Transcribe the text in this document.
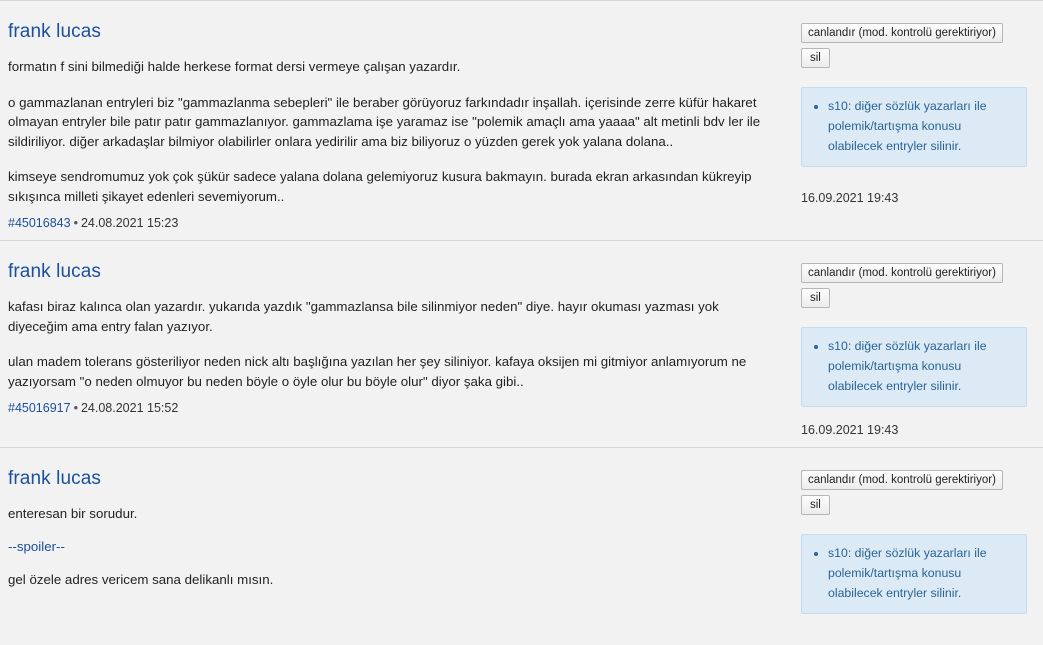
frank lucas

formatın f sini bilmediği halde herkese format dersi vermeye çalışan yazardır.

o gammazlanan entryleri biz "gammazlanma sebepleri" ile beraber görüyoruz farkındadır inşallah. içerisinde zerre küfür hakaret olmayan entryler bile patır patır gammazlanıyor. gammazlama işe yaramaz ise "polemik amaçlı ama yaaaa" alt metinli bdv ler ile sildiriliyor. diğer arkadaşlar bilmiyor olabilirler onlara yedirilir ama biz biliyoruz o yüzden gerek yok yalana dolana..

kimseye sendromumuz yok çok şükür sadece yalana dolana gelemiyoruz kusura bakmayın. burada ekran arkasından kükreyip sıkışınca milleti şikayet edenleri sevemiyorum..

#45016843 • 24.08.2021 15:23
canlandır (mod. kontrolü gerektiriyor)
sil
• s10: diğer sözlük yazarları ile polemik/tartışma konusu olabilecek entryler silinir.
16.09.2021 19:43
frank lucas

kafası biraz kalınca olan yazardır. yukarıda yazdık "gammazlansa bile silinmiyor neden" diye. hayır okuması yazması yok diyeceğim ama entry falan yazıyor.

ulan madem tolerans gösteriliyor neden nick altı başlığına yazılan her şey siliniyor. kafaya oksijen mi gitmiyor anlamıyorum ne yazıyorsam "o neden olmuyor bu neden böyle o öyle olur bu böyle olur" diyor şaka gibi..

#45016917 • 24.08.2021 15:52
canlandır (mod. kontrolü gerektiriyor)
sil
• s10: diğer sözlük yazarları ile polemik/tartışma konusu olabilecek entryler silinir.
16.09.2021 19:43
frank lucas

enteresan bir sorudur.

--spoiler--

gel özele adres vericem sana delikanlı mısın.

canlandır (mod. kontrolü gerektiriyor)
sil
• s10: diğer sözlük yazarları ile polemik/tartışma konusu olabilecek entryler silinir.
